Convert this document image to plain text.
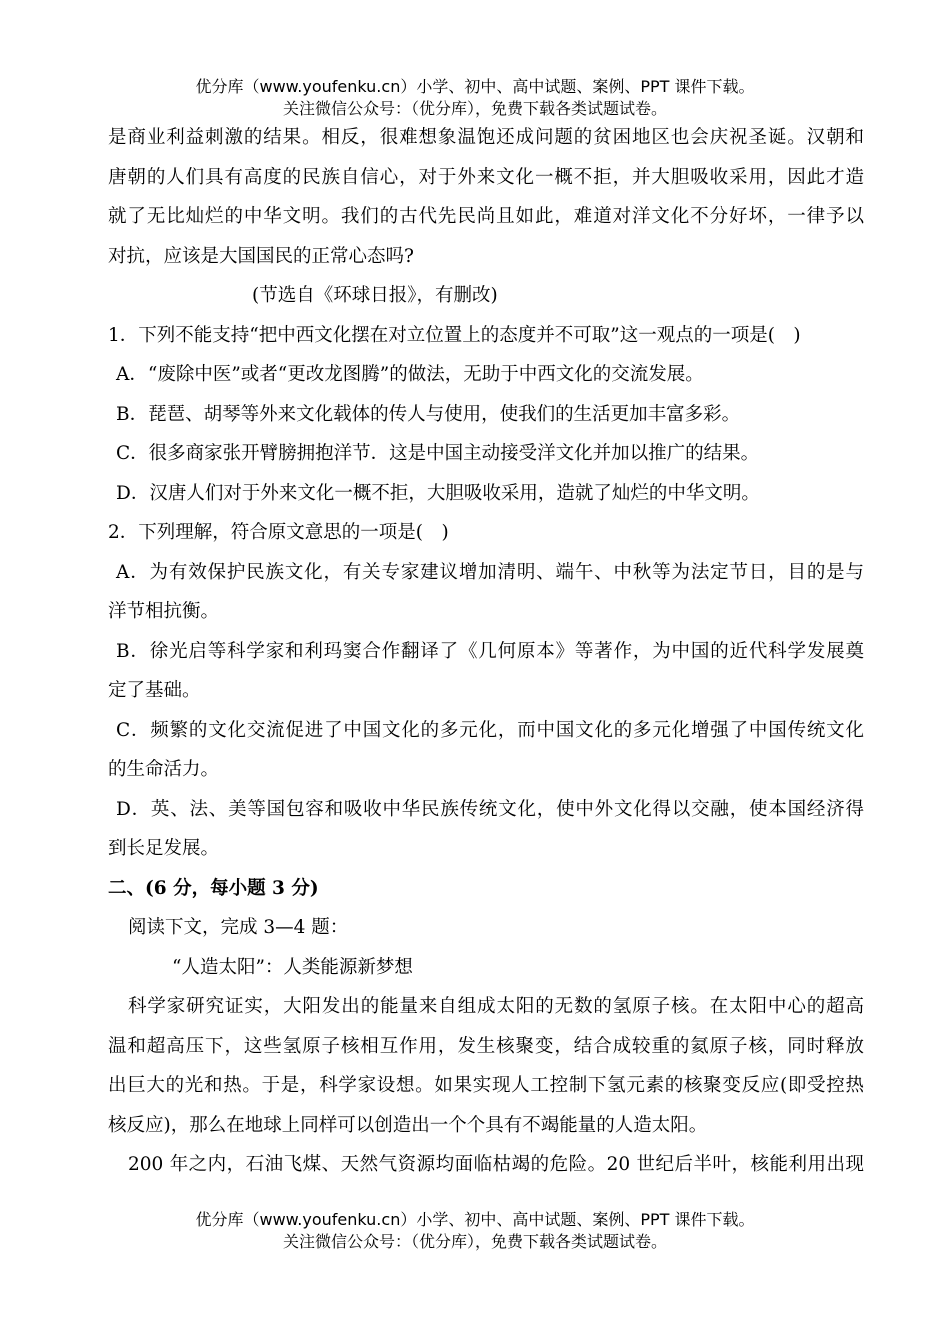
优分库（www.youfenku.cn）小学、初中、高中试题、案例、PPT 课件下载。
关注微信公众号：（优分库），免费下载各类试题试卷。
是商业利益刺激的结果。相反，很难想象温饱还成问题的贫困地区也会庆祝圣诞。汉朝和
唐朝的人们具有高度的民族自信心，对于外来文化一概不拒，并大胆吸收采用，因此才造
就了无比灿烂的中华文明。我们的古代先民尚且如此，难道对洋文化不分好坏，一律予以
对抗，应该是大国国民的正常心态吗?
(节选自《环球日报》，有删改)
1．下列不能支持“把中西文化摆在对立位置上的态度并不可取”这一观点的一项是(　)
A．“废除中医”或者“更改龙图腾”的做法，无助于中西文化的交流发展。
B．琵琶、胡琴等外来文化载体的传人与使用，使我们的生活更加丰富多彩。
C．很多商家张开臂膀拥抱洋节．这是中国主动接受洋文化并加以推广的结果。
D．汉唐人们对于外来文化一概不拒，大胆吸收采用，造就了灿烂的中华文明。
2．下列理解，符合原文意思的一项是(　)
A．为有效保护民族文化，有关专家建议增加清明、端午、中秋等为法定节日，目的是与
洋节相抗衡。
B．徐光启等科学家和利玛窦合作翻译了《几何原本》等著作，为中国的近代科学发展奠
定了基础。
C．频繁的文化交流促进了中国文化的多元化，而中国文化的多元化增强了中国传统文化
的生命活力。
D．英、法、美等国包容和吸收中华民族传统文化，使中外文化得以交融，使本国经济得
到长足发展。
二、(6 分，每小题 3 分)
阅读下文，完成 3—4 题：
“人造太阳”：人类能源新梦想
科学家研究证实，大阳发出的能量来自组成太阳的无数的氢原子核。在太阳中心的超高
温和超高压下，这些氢原子核相互作用，发生核聚变，结合成较重的氦原子核，同时释放
出巨大的光和热。于是，科学家设想。如果实现人工控制下氢元素的核聚变反应(即受控热
核反应)，那么在地球上同样可以创造出一个个具有不竭能量的人造太阳。
200 年之内，石油飞煤、天然气资源均面临枯竭的危险。20 世纪后半叶，核能利用出现
优分库（www.youfenku.cn）小学、初中、高中试题、案例、PPT 课件下载。
关注微信公众号：（优分库），免费下载各类试题试卷。
